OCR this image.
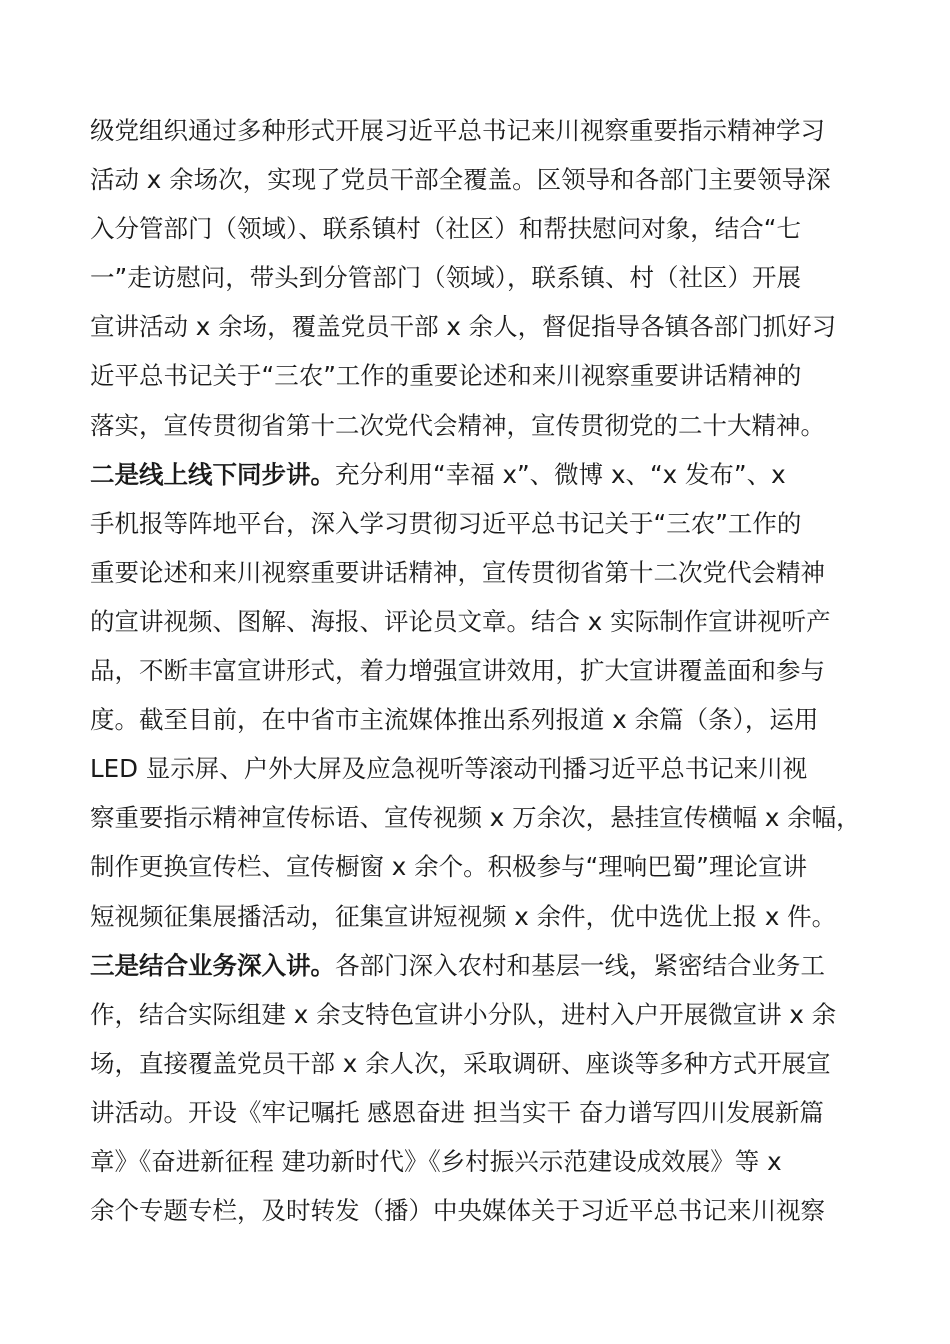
级党组织通过多种形式开展习近平总书记来川视察重要指示精神学习
活动 x 余场次，实现了党员干部全覆盖。区领导和各部门主要领导深
入分管部门（领域）、联系镇村（社区）和帮扶慰问对象，结合“七
一”走访慰问，带头到分管部门（领域），联系镇、村（社区）开展
宣讲活动 x 余场，覆盖党员干部 x 余人，督促指导各镇各部门抓好习
近平总书记关于“三农”工作的重要论述和来川视察重要讲话精神的
落实，宣传贯彻省第十二次党代会精神，宣传贯彻党的二十大精神。
二是线上线下同步讲。充分利用“幸福 x”、微博 x、“x 发布”、x
手机报等阵地平台，深入学习贯彻习近平总书记关于“三农”工作的
重要论述和来川视察重要讲话精神，宣传贯彻省第十二次党代会精神
的宣讲视频、图解、海报、评论员文章。结合 x 实际制作宣讲视听产
品，不断丰富宣讲形式，着力增强宣讲效用，扩大宣讲覆盖面和参与
度。截至目前，在中省市主流媒体推出系列报道 x 余篇（条），运用
LED 显示屏、户外大屏及应急视听等滚动刊播习近平总书记来川视
察重要指示精神宣传标语、宣传视频 x 万余次，悬挂宣传横幅 x 余幅，
制作更换宣传栏、宣传橱窗 x 余个。积极参与“理响巴蜀”理论宣讲
短视频征集展播活动，征集宣讲短视频 x 余件，优中选优上报 x 件。
三是结合业务深入讲。各部门深入农村和基层一线，紧密结合业务工
作，结合实际组建 x 余支特色宣讲小分队，进村入户开展微宣讲 x 余
场，直接覆盖党员干部 x 余人次，采取调研、座谈等多种方式开展宣
讲活动。开设《牢记嘱托 感恩奋进 担当实干 奋力谱写四川发展新篇
章》《奋进新征程 建功新时代》《乡村振兴示范建设成效展》等 x
余个专题专栏，及时转发（播）中央媒体关于习近平总书记来川视察
